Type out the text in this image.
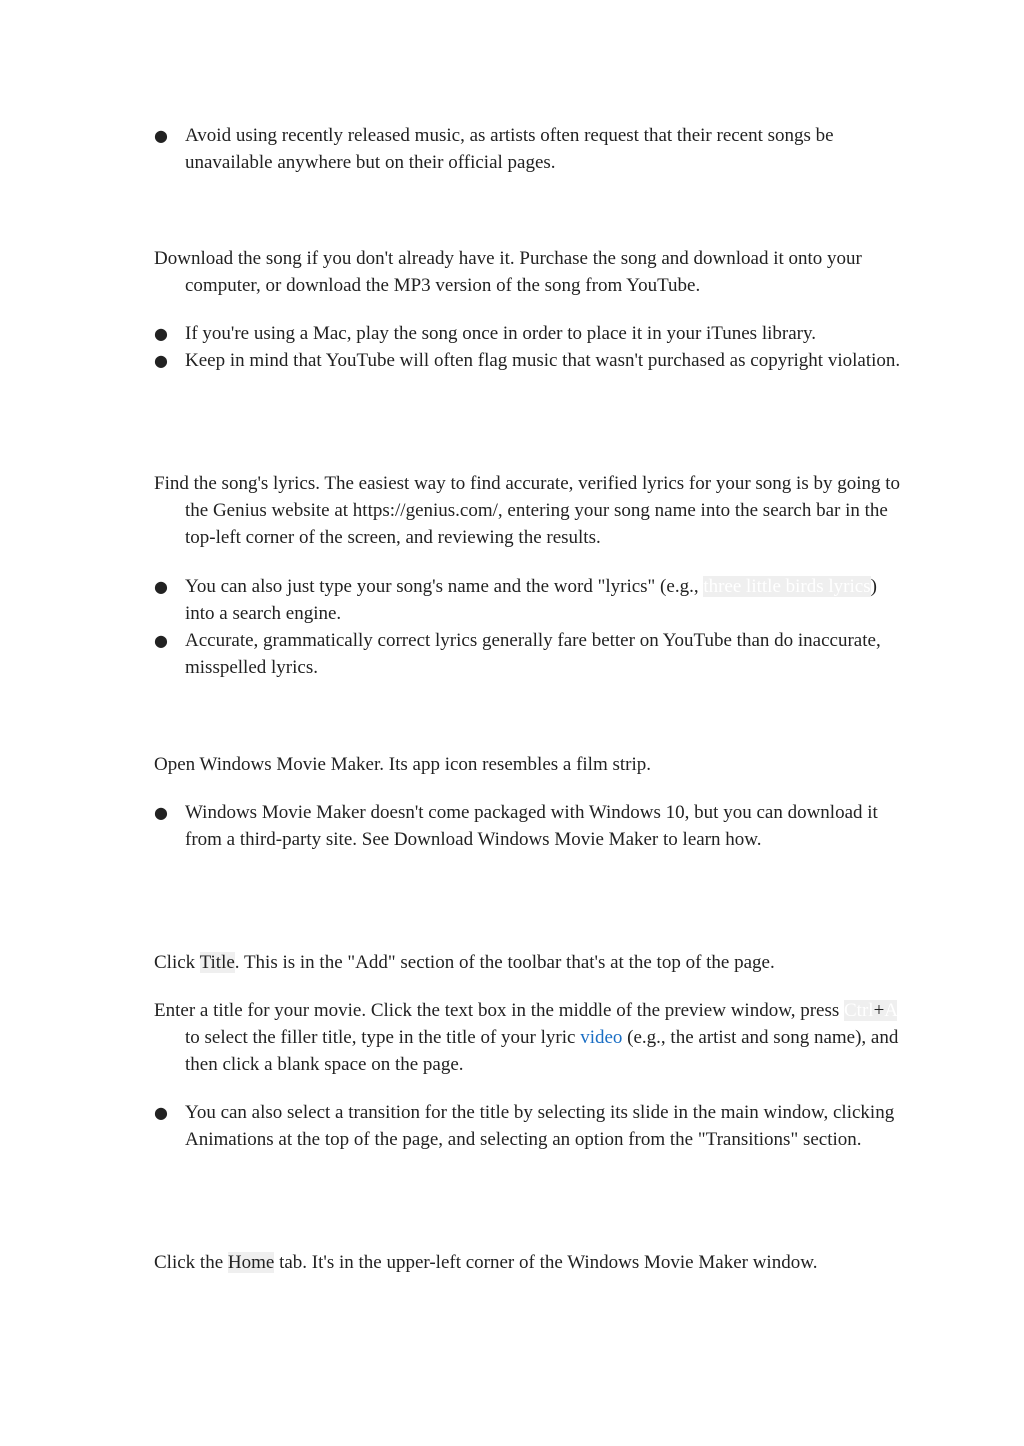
● Avoid using recently released music, as artists often request that their recent songs be unavailable anywhere but on their official pages.

Download the song if you don't already have it. Purchase the song and download it onto your computer, or download the MP3 version of the song from YouTube.

● If you're using a Mac, play the song once in order to place it in your iTunes library.
● Keep in mind that YouTube will often flag music that wasn't purchased as copyright violation.

Find the song's lyrics. The easiest way to find accurate, verified lyrics for your song is by going to the Genius website at https://genius.com/, entering your song name into the search bar in the top-left corner of the screen, and reviewing the results.

● You can also just type your song's name and the word "lyrics" (e.g., three little birds lyrics) into a search engine.
● Accurate, grammatically correct lyrics generally fare better on YouTube than do inaccurate, misspelled lyrics.

Open Windows Movie Maker. Its app icon resembles a film strip.

● Windows Movie Maker doesn't come packaged with Windows 10, but you can download it from a third-party site. See Download Windows Movie Maker to learn how.

Click Title. This is in the "Add" section of the toolbar that's at the top of the page.

Enter a title for your movie. Click the text box in the middle of the preview window, press Ctrl+A to select the filler title, type in the title of your lyric video (e.g., the artist and song name), and then click a blank space on the page.

● You can also select a transition for the title by selecting its slide in the main window, clicking Animations at the top of the page, and selecting an option from the "Transitions" section.

Click the Home tab. It's in the upper-left corner of the Windows Movie Maker window.
